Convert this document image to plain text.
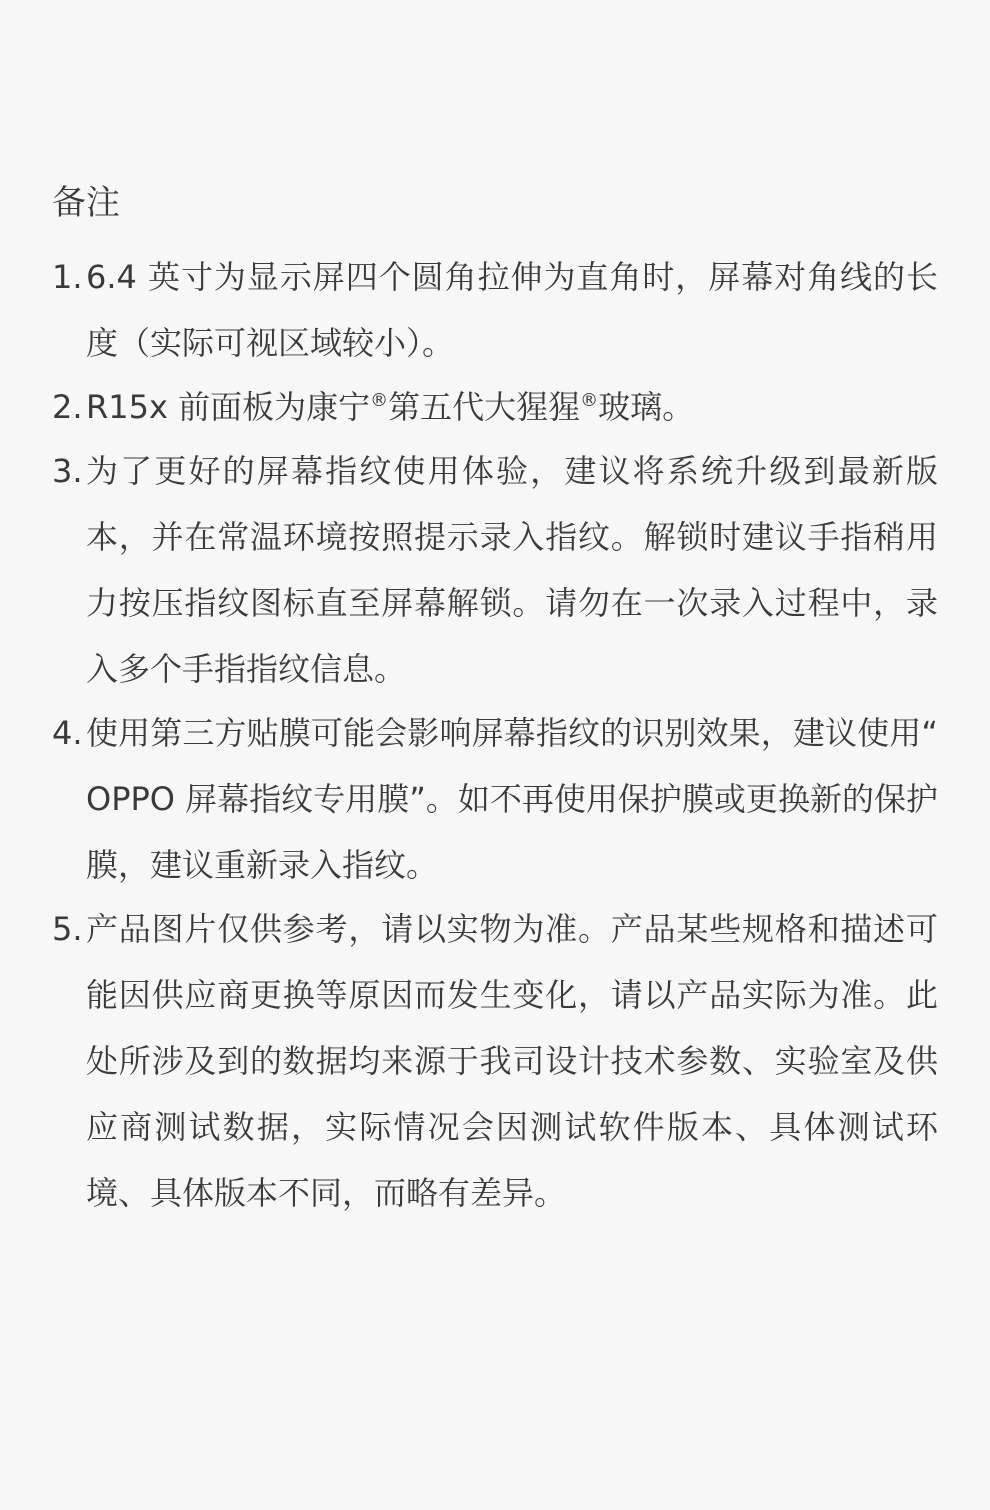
备注
1. 6.4 英寸为显示屏四个圆角拉伸为直角时，屏幕对角线的长度（实际可视区域较小）。
2. R15x 前面板为康宁®第五代大猩猩®玻璃。
3. 为了更好的屏幕指纹使用体验，建议将系统升级到最新版本，并在常温环境按照提示录入指纹。解锁时建议手指稍用力按压指纹图标直至屏幕解锁。请勿在一次录入过程中，录入多个手指指纹信息。
4. 使用第三方贴膜可能会影响屏幕指纹的识别效果，建议使用“ OPPO 屏幕指纹专用膜”。如不再使用保护膜或更换新的保护膜，建议重新录入指纹。
5. 产品图片仅供参考，请以实物为准。产品某些规格和描述可能因供应商更换等原因而发生变化，请以产品实际为准。此处所涉及到的数据均来源于我司设计技术参数、实验室及供应商测试数据，实际情况会因测试软件版本、具体测试环境、具体版本不同，而略有差异。
